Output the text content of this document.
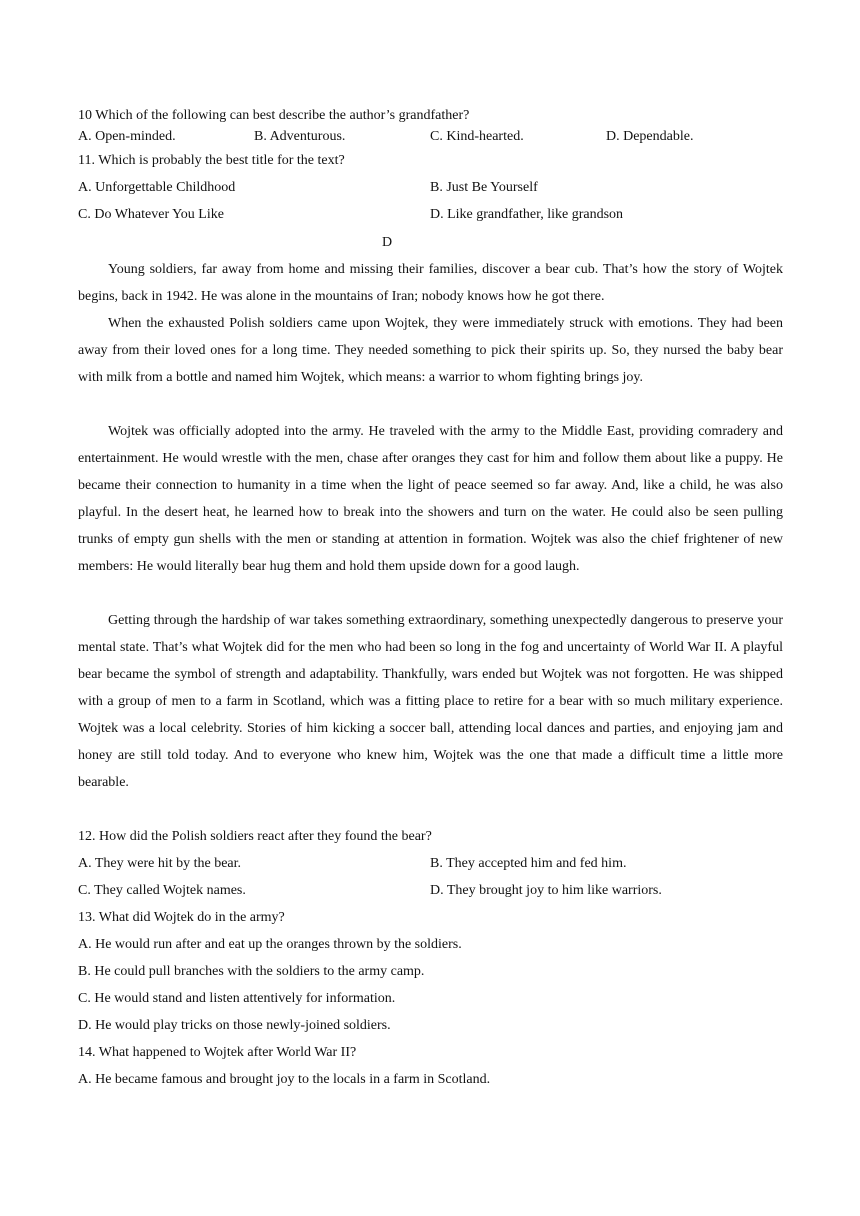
10 Which of the following can best describe the author’s grandfather?
A. Open-minded.	B. Adventurous.	C. Kind-hearted.	D. Dependable.
11. Which is probably the best title for the text?
A. Unforgettable Childhood	B. Just Be Yourself
C. Do Whatever You Like	D. Like grandfather, like grandson
D

Young soldiers, far away from home and missing their families, discover a bear cub. That’s how the story of Wojtek begins, back in 1942. He was alone in the mountains of Iran; nobody knows how he got there.

When the exhausted Polish soldiers came upon Wojtek, they were immediately struck with emotions. They had been away from their loved ones for a long time. They needed something to pick their spirits up. So, they nursed the baby bear with milk from a bottle and named him Wojtek, which means: a warrior to whom fighting brings joy.

Wojtek was officially adopted into the army. He traveled with the army to the Middle East, providing comradery and entertainment. He would wrestle with the men, chase after oranges they cast for him and follow them about like a puppy. He became their connection to humanity in a time when the light of peace seemed so far away. And, like a child, he was also playful. In the desert heat, he learned how to break into the showers and turn on the water. He could also be seen pulling trunks of empty gun shells with the men or standing at attention in formation. Wojtek was also the chief frightener of new members: He would literally bear hug them and hold them upside down for a good laugh.

Getting through the hardship of war takes something extraordinary, something unexpectedly dangerous to preserve your mental state. That’s what Wojtek did for the men who had been so long in the fog and uncertainty of World War II. A playful bear became the symbol of strength and adaptability. Thankfully, wars ended but Wojtek was not forgotten. He was shipped with a group of men to a farm in Scotland, which was a fitting place to retire for a bear with so much military experience. Wojtek was a local celebrity. Stories of him kicking a soccer ball, attending local dances and parties, and enjoying jam and honey are still told today. And to everyone who knew him, Wojtek was the one that made a difficult time a little more bearable.

12. How did the Polish soldiers react after they found the bear?
A. They were hit by the bear.	B. They accepted him and fed him.
C. They called Wojtek names.	D. They brought joy to him like warriors.
13. What did Wojtek do in the army?
A. He would run after and eat up the oranges thrown by the soldiers.
B. He could pull branches with the soldiers to the army camp.
C. He would stand and listen attentively for information.
D. He would play tricks on those newly-joined soldiers.
14. What happened to Wojtek after World War II?
A. He became famous and brought joy to the locals in a farm in Scotland.
